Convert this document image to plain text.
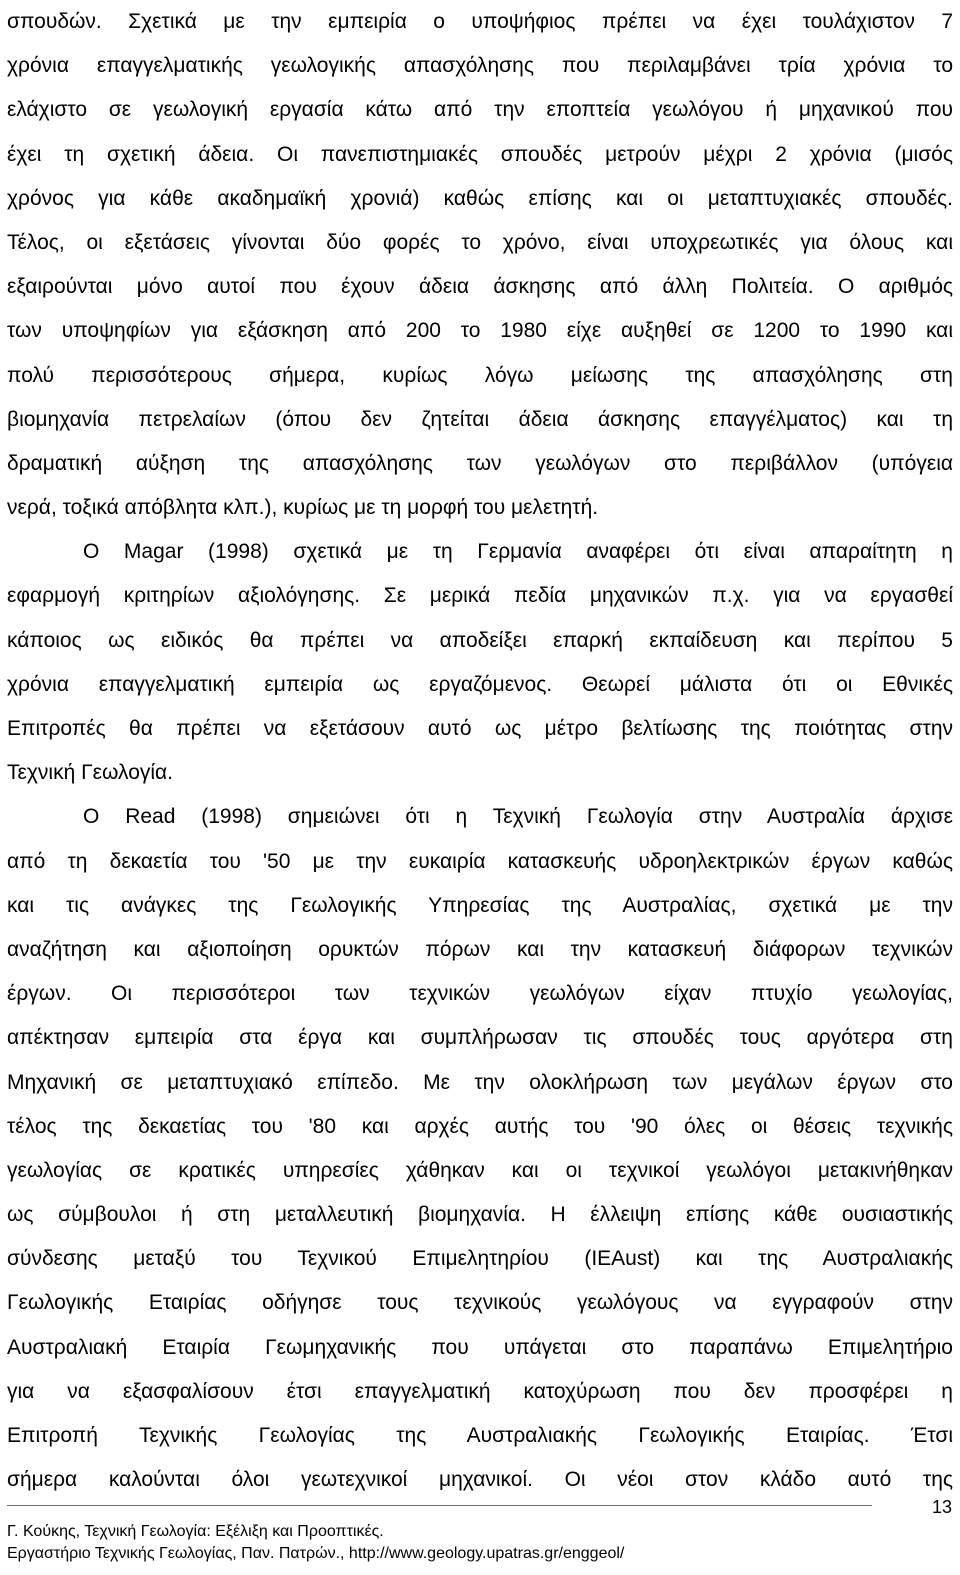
σπουδών. Σχετικά με την εμπειρία ο υποψήφιος πρέπει να έχει τουλάχιστον 7
χρόνια επαγγελματικής γεωλογικής απασχόλησης που περιλαμβάνει τρία χρόνια το
ελάχιστο σε γεωλογική εργασία κάτω από την εποπτεία γεωλόγου ή μηχανικού που
έχει τη σχετική άδεια. Οι πανεπιστημιακές σπουδές μετρούν μέχρι 2 χρόνια (μισός
χρόνος για κάθε ακαδημαϊκή χρονιά) καθώς επίσης και οι μεταπτυχιακές σπουδές.
Τέλος, οι εξετάσεις γίνονται δύο φορές το χρόνο, είναι υποχρεωτικές για όλους και
εξαιρούνται μόνο αυτοί που έχουν άδεια άσκησης από άλλη Πολιτεία. Ο αριθμός
των υποψηφίων για εξάσκηση από 200 το 1980 είχε αυξηθεί σε 1200 το 1990 και
πολύ περισσότερους σήμερα, κυρίως λόγω μείωσης της απασχόλησης στη
βιομηχανία πετρελαίων (όπου δεν ζητείται άδεια άσκησης επαγγέλματος) και τη
δραματική αύξηση της απασχόλησης των γεωλόγων στο περιβάλλον (υπόγεια
νερά, τοξικά απόβλητα κλπ.), κυρίως με τη μορφή του μελετητή.
Ο Magar (1998) σχετικά με τη Γερμανία αναφέρει ότι είναι απαραίτητη η
εφαρμογή κριτηρίων αξιολόγησης. Σε μερικά πεδία μηχανικών π.χ. για να εργασθεί
κάποιος ως ειδικός θα πρέπει να αποδείξει επαρκή εκπαίδευση και περίπου 5
χρόνια επαγγελματική εμπειρία ως εργαζόμενος. Θεωρεί μάλιστα ότι οι Εθνικές
Επιτροπές θα πρέπει να εξετάσουν αυτό ως μέτρο βελτίωσης της ποιότητας στην
Τεχνική Γεωλογία.
Ο Read (1998) σημειώνει ότι η Τεχνική Γεωλογία στην Αυστραλία άρχισε
από τη δεκαετία του '50 με την ευκαιρία κατασκευής υδροηλεκτρικών έργων καθώς
και τις ανάγκες της Γεωλογικής Υπηρεσίας της Αυστραλίας, σχετικά με την
αναζήτηση και αξιοποίηση ορυκτών πόρων και την κατασκευή διάφορων τεχνικών
έργων. Οι περισσότεροι των τεχνικών γεωλόγων είχαν πτυχίο γεωλογίας,
απέκτησαν εμπειρία στα έργα και συμπλήρωσαν τις σπουδές τους αργότερα στη
Μηχανική σε μεταπτυχιακό επίπεδο. Με την ολοκλήρωση των μεγάλων έργων στο
τέλος της δεκαετίας του '80 και αρχές αυτής του '90 όλες οι θέσεις τεχνικής
γεωλογίας σε κρατικές υπηρεσίες χάθηκαν και οι τεχνικοί γεωλόγοι μετακινήθηκαν
ως σύμβουλοι ή στη μεταλλευτική βιομηχανία. Η έλλειψη επίσης κάθε ουσιαστικής
σύνδεσης μεταξύ του Τεχνικού Επιμελητηρίου (IEAust) και της Αυστραλιακής
Γεωλογικής Εταιρίας οδήγησε τους τεχνικούς γεωλόγους να εγγραφούν στην
Αυστραλιακή Εταιρία Γεωμηχανικής που υπάγεται στο παραπάνω Επιμελητήριο
για να εξασφαλίσουν έτσι επαγγελματική κατοχύρωση που δεν προσφέρει η
Επιτροπή Τεχνικής Γεωλογίας της Αυστραλιακής Γεωλογικής Εταιρίας. Έτσι
σήμερα καλούνται όλοι γεωτεχνικοί μηχανικοί. Οι νέοι στον κλάδο αυτό της
13
Γ. Κούκης, Τεχνική Γεωλογία: Εξέλιξη και Προοπτικές.
Εργαστήριο Τεχνικής Γεωλογίας, Παν. Πατρών., http://www.geology.upatras.gr/enggeol/
